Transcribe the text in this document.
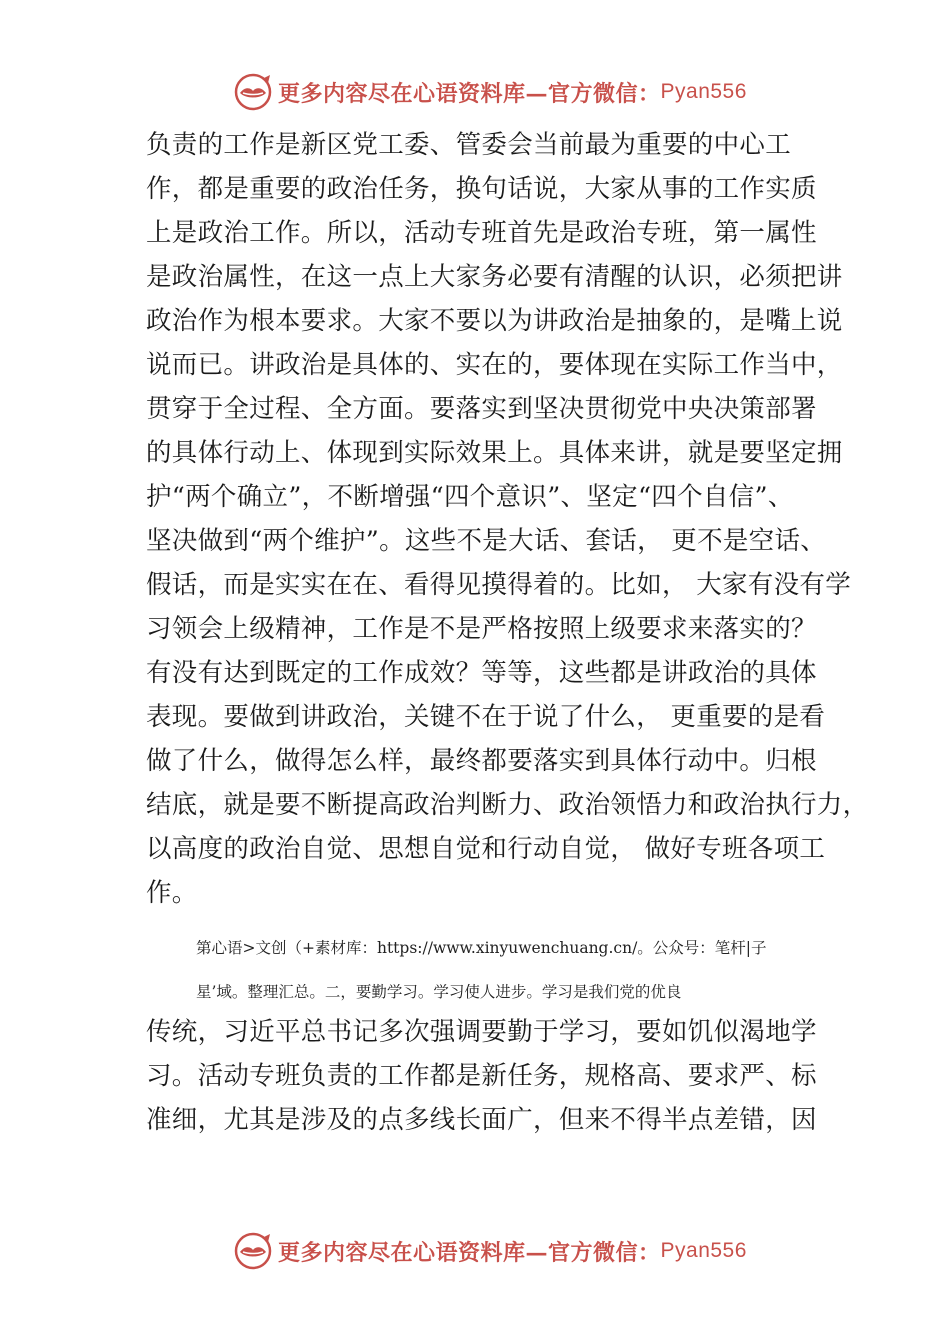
更多内容尽在心语资料库—官方微信： Pyan556
负责的工作是新区党工委、管委会当前最为重要的中心工
作，都是重要的政治任务，换句话说，大家从事的工作实质
上是政治工作。所以，活动专班首先是政治专班，第一属性
是政治属性，在这一点上大家务必要有清醒的认识，必须把讲
政治作为根本要求。大家不要以为讲政治是抽象的，是嘴上说
说而已。讲政治是具体的、实在的，要体现在实际工作当中，
贯穿于全过程、全方面。要落实到坚决贯彻党中央决策部署
的具体行动上、体现到实际效果上。具体来讲，就是要坚定拥
护“两个确立”，不断增强“四个意识”、坚定“四个自信”、
坚决做到“两个维护”。这些不是大话、套话， 更不是空话、
假话，而是实实在在、看得见摸得着的。比如， 大家有没有学
习领会上级精神，工作是不是严格按照上级要求来落实的？
有没有达到既定的工作成效？等等，这些都是讲政治的具体
表现。要做到讲政治，关键不在于说了什么， 更重要的是看
做了什么，做得怎么样，最终都要落实到具体行动中。归根
结底，就是要不断提高政治判断力、政治领悟力和政治执行力，
以高度的政治自觉、思想自觉和行动自觉， 做好专班各项工
作。
第心语>文创（+素材库：https://www.xinyuwenchuang.cn/。公众号：笔杆|子
星’域。整理汇总。二，要勤学习。学习使人进步。学习是我们党的优良
传统，习近平总书记多次强调要勤于学习，要如饥似渴地学
习。活动专班负责的工作都是新任务，规格高、要求严、标
准细，尤其是涉及的点多线长面广，但来不得半点差错，因
更多内容尽在心语资料库—官方微信： Pyan556
